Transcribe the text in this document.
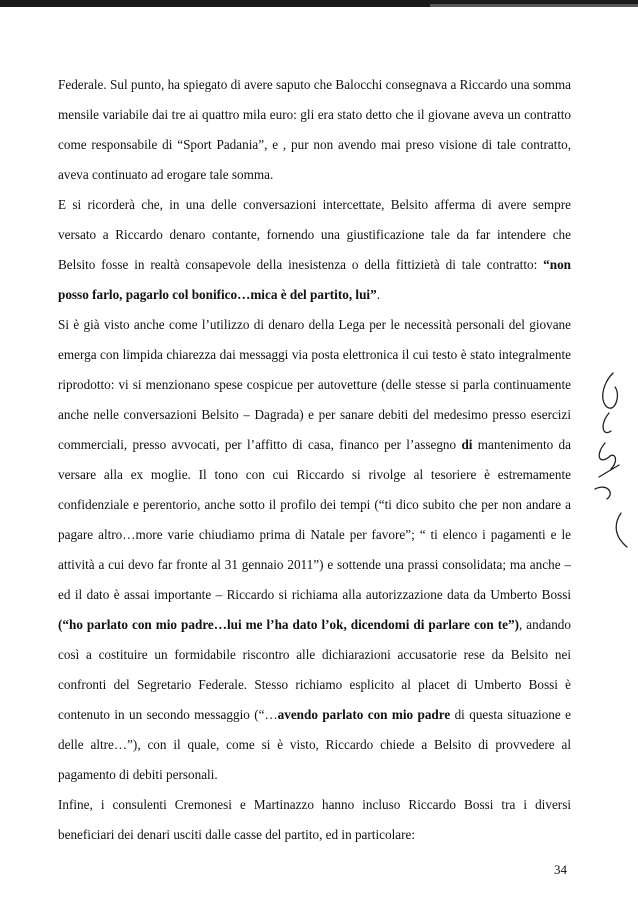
Federale. Sul punto, ha spiegato di avere saputo che Balocchi consegnava a Riccardo una somma mensile variabile dai tre ai quattro mila euro: gli era stato detto che il giovane aveva un contratto come responsabile di “Sport Padania”, e , pur non avendo mai preso visione di tale contratto, aveva continuato ad erogare tale somma.

E si ricorderà che, in una delle conversazioni intercettate, Belsito afferma di avere sempre versato a Riccardo denaro contante, fornendo una giustificazione tale da far intendere che Belsito fosse in realtà consapevole della inesistenza o della fittizietà di tale contratto: “non posso farlo, pagarlo col bonifico…mica è del partito, lui”.

Si è già visto anche come l’utilizzo di denaro della Lega per le necessità personali del giovane emerga con limpida chiarezza dai messaggi via posta elettronica il cui testo è stato integralmente riprodotto: vi si menzionano spese cospicue per autovetture (delle stesse si parla continuamente anche nelle conversazioni Belsito – Dagrada) e per sanare debiti del medesimo presso esercizi commerciali, presso avvocati, per l’affitto di casa, financo per l’assegno di mantenimento da versare alla ex moglie. Il tono con cui Riccardo si rivolge al tesoriere è estremamente confidenziale e perentorio, anche sotto il profilo dei tempi (“ti dico subito che per non andare a pagare altro…more varie chiudiamo prima di Natale per favore”; “ ti elenco i pagamenti e le attività a cui devo far fronte al 31 gennaio 2011”) e sottende una prassi consolidata; ma anche – ed il dato è assai importante – Riccardo si richiama alla autorizzazione data da Umberto Bossi (“ho parlato con mio padre…lui me l’ha dato l’ok, dicendomi di parlare con te”), andando così a costituire un formidabile riscontro alle dichiarazioni accusatorie rese da Belsito nei confronti del Segretario Federale. Stesso richiamo esplicito al placet di Umberto Bossi è contenuto in un secondo messaggio (“…avendo parlato con mio padre di questa situazione e delle altre…”), con il quale, come si è visto, Riccardo chiede a Belsito di provvedere al pagamento di debiti personali.

Infine, i consulenti Cremonesi e Martinazzo hanno incluso Riccardo Bossi tra i diversi beneficiari dei denari usciti dalle casse del partito, ed in particolare:

34
